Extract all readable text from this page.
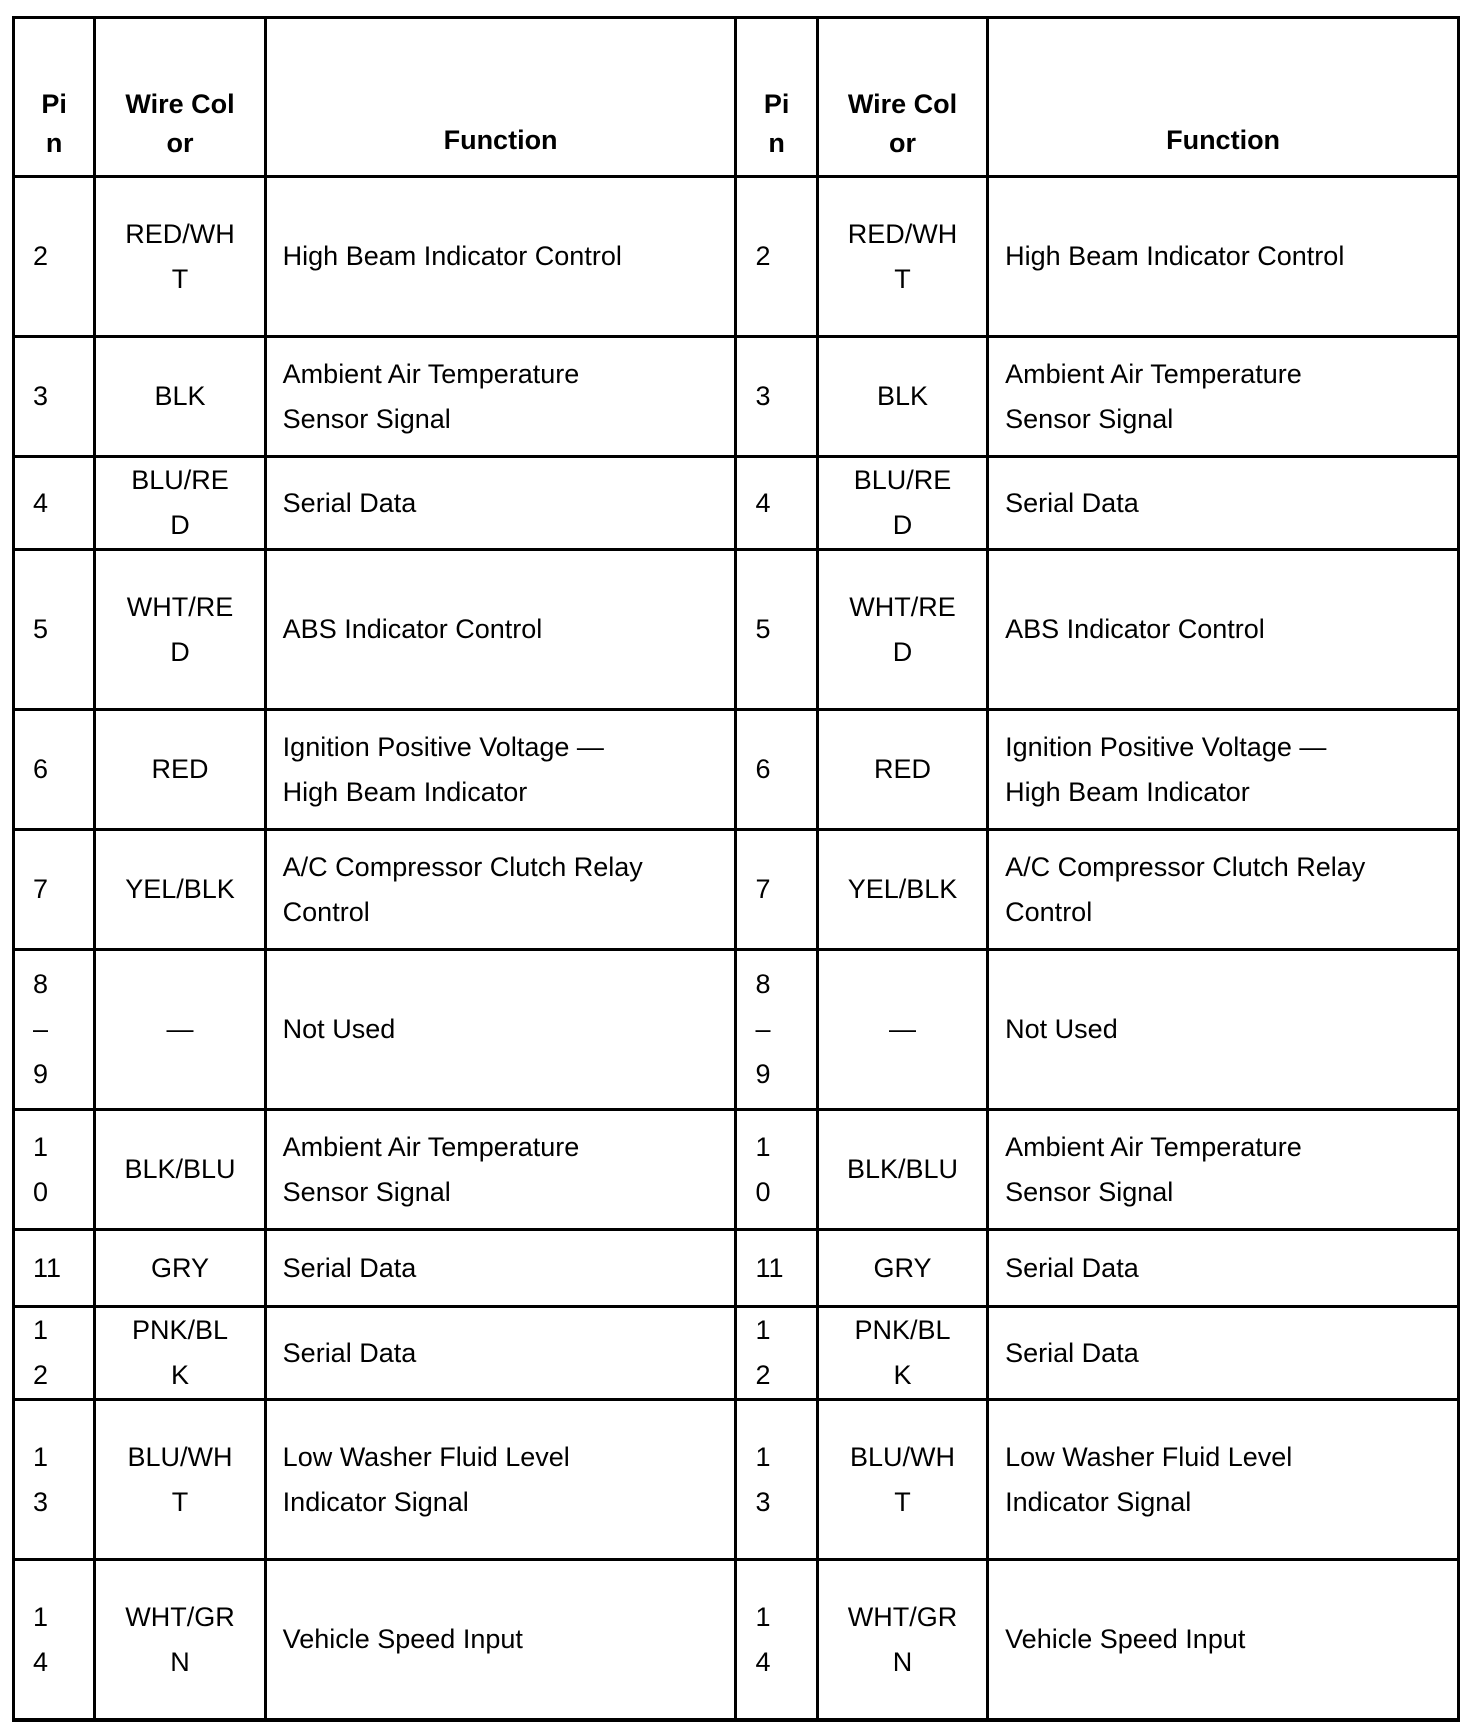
Pin	Wire Color	Function	Pin	Wire Color	Function

2	RED/WHT	High Beam Indicator Control	2	RED/WHT	High Beam Indicator Control

3	BLK	Ambient Air Temperature Sensor Signal	3	BLK	Ambient Air Temperature Sensor Signal

4	BLU/RED	Serial Data	4	BLU/RED	Serial Data

5	WHT/RED	ABS Indicator Control	5	WHT/RED	ABS Indicator Control

6	RED	Ignition Positive Voltage — High Beam Indicator	6	RED	Ignition Positive Voltage — High Beam Indicator

7	YEL/BLK	A/C Compressor Clutch Relay Control	7	YEL/BLK	A/C Compressor Clutch Relay Control

8–9	—	Not Used	8–9	—	Not Used

10	BLK/BLU	Ambient Air Temperature Sensor Signal	10	BLK/BLU	Ambient Air Temperature Sensor Signal

11	GRY	Serial Data	11	GRY	Serial Data

12	PNK/BLK	Serial Data	12	PNK/BLK	Serial Data

13	BLU/WHT	Low Washer Fluid Level Indicator Signal	13	BLU/WHT	Low Washer Fluid Level Indicator Signal

14	WHT/GRN	Vehicle Speed Input	14	WHT/GRN	Vehicle Speed Input
